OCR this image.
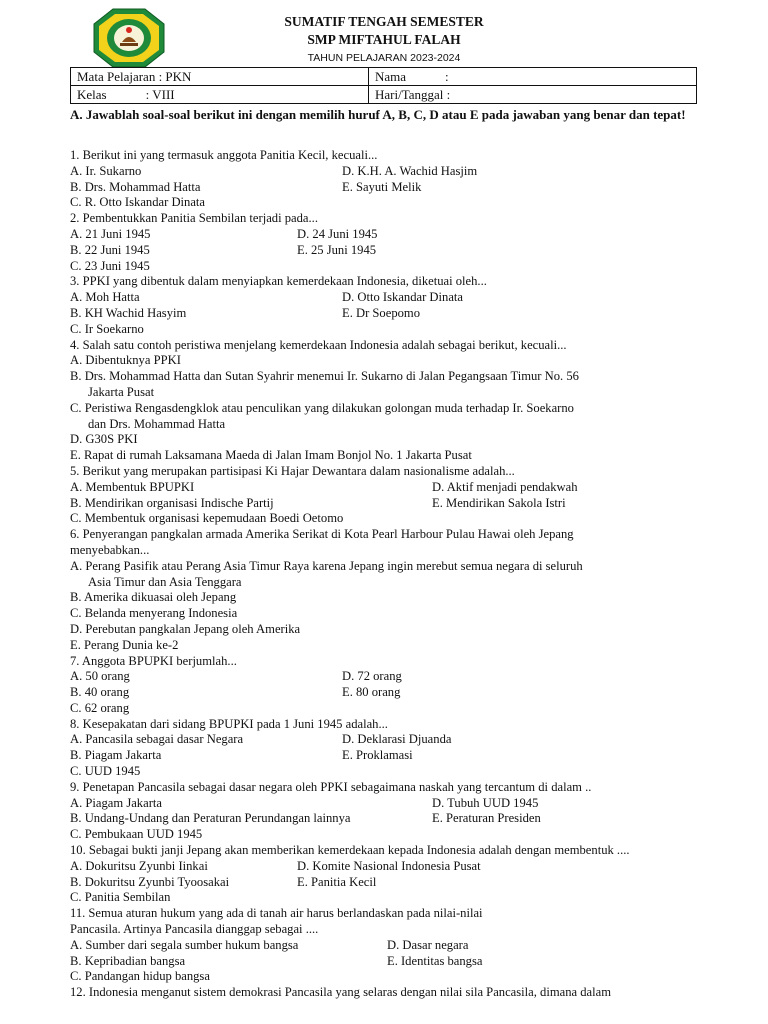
SUMATIF TENGAH SEMESTER
SMP MIFTAHUL FALAH
TAHUN PELAJARAN 2023-2024
Mata Pelajaran : PKN	Nama            :
Kelas            : VIII	Hari/Tanggal :
A. Jawablah soal-soal berikut ini dengan memilih huruf A, B, C, D atau E pada jawaban yang benar dan tepat!
1. Berikut ini yang termasuk anggota Panitia Kecil, kecuali...
A. Ir. Sukarno	D. K.H. A. Wachid Hasjim
B. Drs. Mohammad Hatta	E. Sayuti Melik
C. R. Otto Iskandar Dinata
2. Pembentukkan Panitia Sembilan terjadi pada...
A. 21 Juni 1945	D. 24 Juni 1945
B. 22 Juni 1945	E. 25 Juni 1945
C. 23 Juni 1945
3. PPKI yang dibentuk dalam menyiapkan kemerdekaan Indonesia, diketuai oleh...
A. Moh Hatta	D. Otto Iskandar Dinata
B. KH Wachid Hasyim	E. Dr Soepomo
C. Ir Soekarno
4. Salah satu contoh peristiwa menjelang kemerdekaan Indonesia adalah sebagai berikut, kecuali...
A. Dibentuknya PPKI
B. Drs. Mohammad Hatta dan Sutan Syahrir menemui Ir. Sukarno di Jalan Pegangsaan Timur No. 56
Jakarta Pusat
C. Peristiwa Rengasdengklok atau penculikan yang dilakukan golongan muda terhadap Ir. Soekarno
dan Drs. Mohammad Hatta
D. G30S PKI
E. Rapat di rumah Laksamana Maeda di Jalan Imam Bonjol No. 1 Jakarta Pusat
5. Berikut yang merupakan partisipasi Ki Hajar Dewantara dalam nasionalisme adalah...
A. Membentuk BPUPKI	D. Aktif menjadi pendakwah
B. Mendirikan organisasi Indische Partij	E. Mendirikan Sakola Istri
C. Membentuk organisasi kepemudaan Boedi Oetomo
6. Penyerangan pangkalan armada Amerika Serikat di Kota Pearl Harbour Pulau Hawai oleh Jepang
menyebabkan...
A. Perang Pasifik atau Perang Asia Timur Raya karena Jepang ingin merebut semua negara di seluruh
Asia Timur dan Asia Tenggara
B. Amerika dikuasai oleh Jepang
C. Belanda menyerang Indonesia
D. Perebutan pangkalan Jepang oleh Amerika
E. Perang Dunia ke-2
7. Anggota BPUPKI berjumlah...
A. 50 orang	D. 72 orang
B. 40 orang	E. 80 orang
C. 62 orang
8. Kesepakatan dari sidang BPUPKI pada 1 Juni 1945 adalah...
A. Pancasila sebagai dasar Negara	D. Deklarasi Djuanda
B. Piagam Jakarta	E. Proklamasi
C. UUD 1945
9. Penetapan Pancasila sebagai dasar negara oleh PPKI sebagaimana naskah yang tercantum di dalam ..
A. Piagam Jakarta	D. Tubuh UUD 1945
B. Undang-Undang dan Peraturan Perundangan lainnya	E. Peraturan Presiden
C. Pembukaan UUD 1945
10. Sebagai bukti janji Jepang akan memberikan kemerdekaan kepada Indonesia adalah dengan membentuk ....
A. Dokuritsu Zyunbi Iinkai	D. Komite Nasional Indonesia Pusat
B. Dokuritsu Zyunbi Tyoosakai	E. Panitia Kecil
C. Panitia Sembilan
11. Semua aturan hukum yang ada di tanah air harus berlandaskan pada nilai-nilai
Pancasila. Artinya Pancasila dianggap sebagai ....
A. Sumber dari segala sumber hukum bangsa	D. Dasar negara
B. Kepribadian bangsa	E. Identitas bangsa
C. Pandangan hidup bangsa
12. Indonesia menganut sistem demokrasi Pancasila yang selaras dengan nilai sila Pancasila, dimana dalam
